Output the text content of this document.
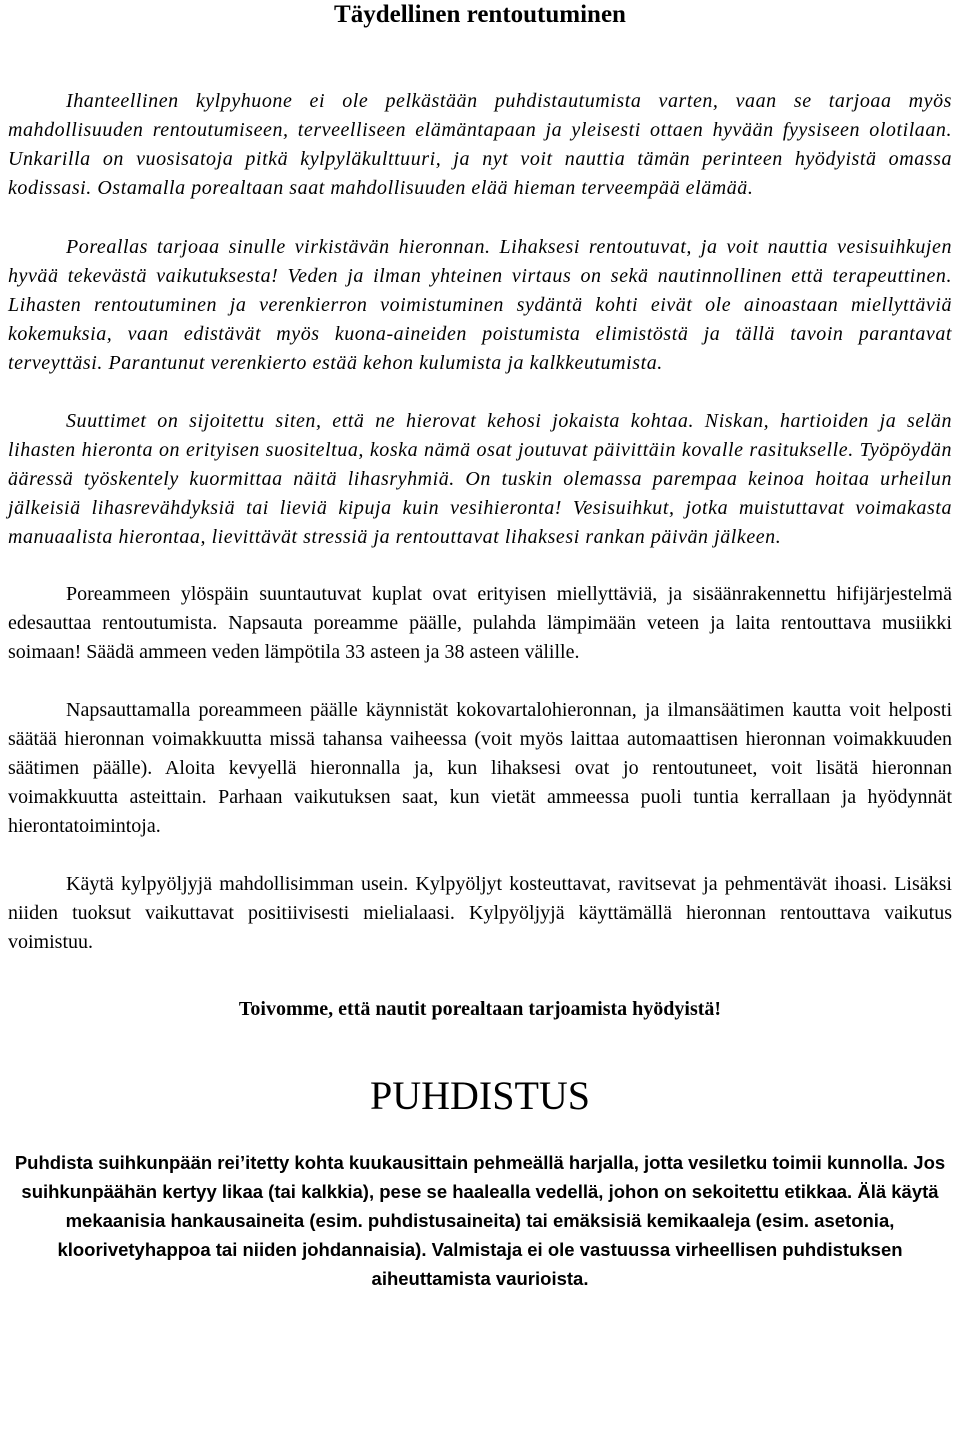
Täydellinen rentoutuminen

Ihanteellinen kylpyhuone ei ole pelkästään puhdistautumista varten, vaan se tarjoaa myös mahdollisuuden rentoutumiseen, terveelliseen elämäntapaan ja yleisesti ottaen hyvään fyysiseen olotilaan. Unkarilla on vuosisatoja pitkä kylpyläkulttuuri, ja nyt voit nauttia tämän perinteen hyödyistä omassa kodissasi. Ostamalla porealtaan saat mahdollisuuden elää hieman terveempää elämää.

Poreallas tarjoaa sinulle virkistävän hieronnan. Lihaksesi rentoutuvat, ja voit nauttia vesisuihkujen hyvää tekevästä vaikutuksesta! Veden ja ilman yhteinen virtaus on sekä nautinnollinen että terapeuttinen. Lihasten rentoutuminen ja verenkierron voimistuminen sydäntä kohti eivät ole ainoastaan miellyttäviä kokemuksia, vaan edistävät myös kuona-aineiden poistumista elimistöstä ja tällä tavoin parantavat terveyttäsi. Parantunut verenkierto estää kehon kulumista ja kalkkeutumista.

Suuttimet on sijoitettu siten, että ne hierovat kehosi jokaista kohtaa. Niskan, hartioiden ja selän lihasten hieronta on erityisen suositeltua, koska nämä osat joutuvat päivittäin kovalle rasitukselle. Työpöydän ääressä työskentely kuormittaa näitä lihasryhmiä. On tuskin olemassa parempaa keinoa hoitaa urheilun jälkeisiä lihasrevähdyksiä tai lieviä kipuja kuin vesihieronta! Vesisuihkut, jotka muistuttavat voimakasta manuaalista hierontaa, lievittävät stressiä ja rentouttavat lihaksesi rankan päivän jälkeen.

Poreammeen ylöspäin suuntautuvat kuplat ovat erityisen miellyttäviä, ja sisäänrakennettu hifijärjestelmä edesauttaa rentoutumista. Napsauta poreamme päälle, pulahda lämpimään veteen ja laita rentouttava musiikki soimaan! Säädä ammeen veden lämpötila 33 asteen ja 38 asteen välille.

Napsauttamalla poreammeen päälle käynnistät kokovartalohieronnan, ja ilmansäätimen kautta voit helposti säätää hieronnan voimakkuutta missä tahansa vaiheessa (voit myös laittaa automaattisen hieronnan voimakkuuden säätimen päälle). Aloita kevyellä hieronnalla ja, kun lihaksesi ovat jo rentoutuneet, voit lisätä hieronnan voimakkuutta asteittain. Parhaan vaikutuksen saat, kun vietät ammeessa puoli tuntia kerrallaan ja hyödynnät hierontatoimintoja.

Käytä kylpyöljyjä mahdollisimman usein. Kylpyöljyt kosteuttavat, ravitsevat ja pehmentävät ihoasi. Lisäksi niiden tuoksut vaikuttavat positiivisesti mielialaasi. Kylpyöljyjä käyttämällä hieronnan rentouttava vaikutus voimistuu.

Toivomme, että nautit porealtaan tarjoamista hyödyistä!

PUHDISTUS

Puhdista suihkunpään rei’itetty kohta kuukausittain pehmeällä harjalla, jotta vesiletku toimii kunnolla. Jos suihkunpäähän kertyy likaa (tai kalkkia), pese se haalealla vedellä, johon on sekoitettu etikkaa. Älä käytä mekaanisia hankausaineita (esim. puhdistusaineita) tai emäksisiä kemikaaleja (esim. asetonia, kloorivetyhappoa tai niiden johdannaisia). Valmistaja ei ole vastuussa virheellisen puhdistuksen aiheuttamista vaurioista.
